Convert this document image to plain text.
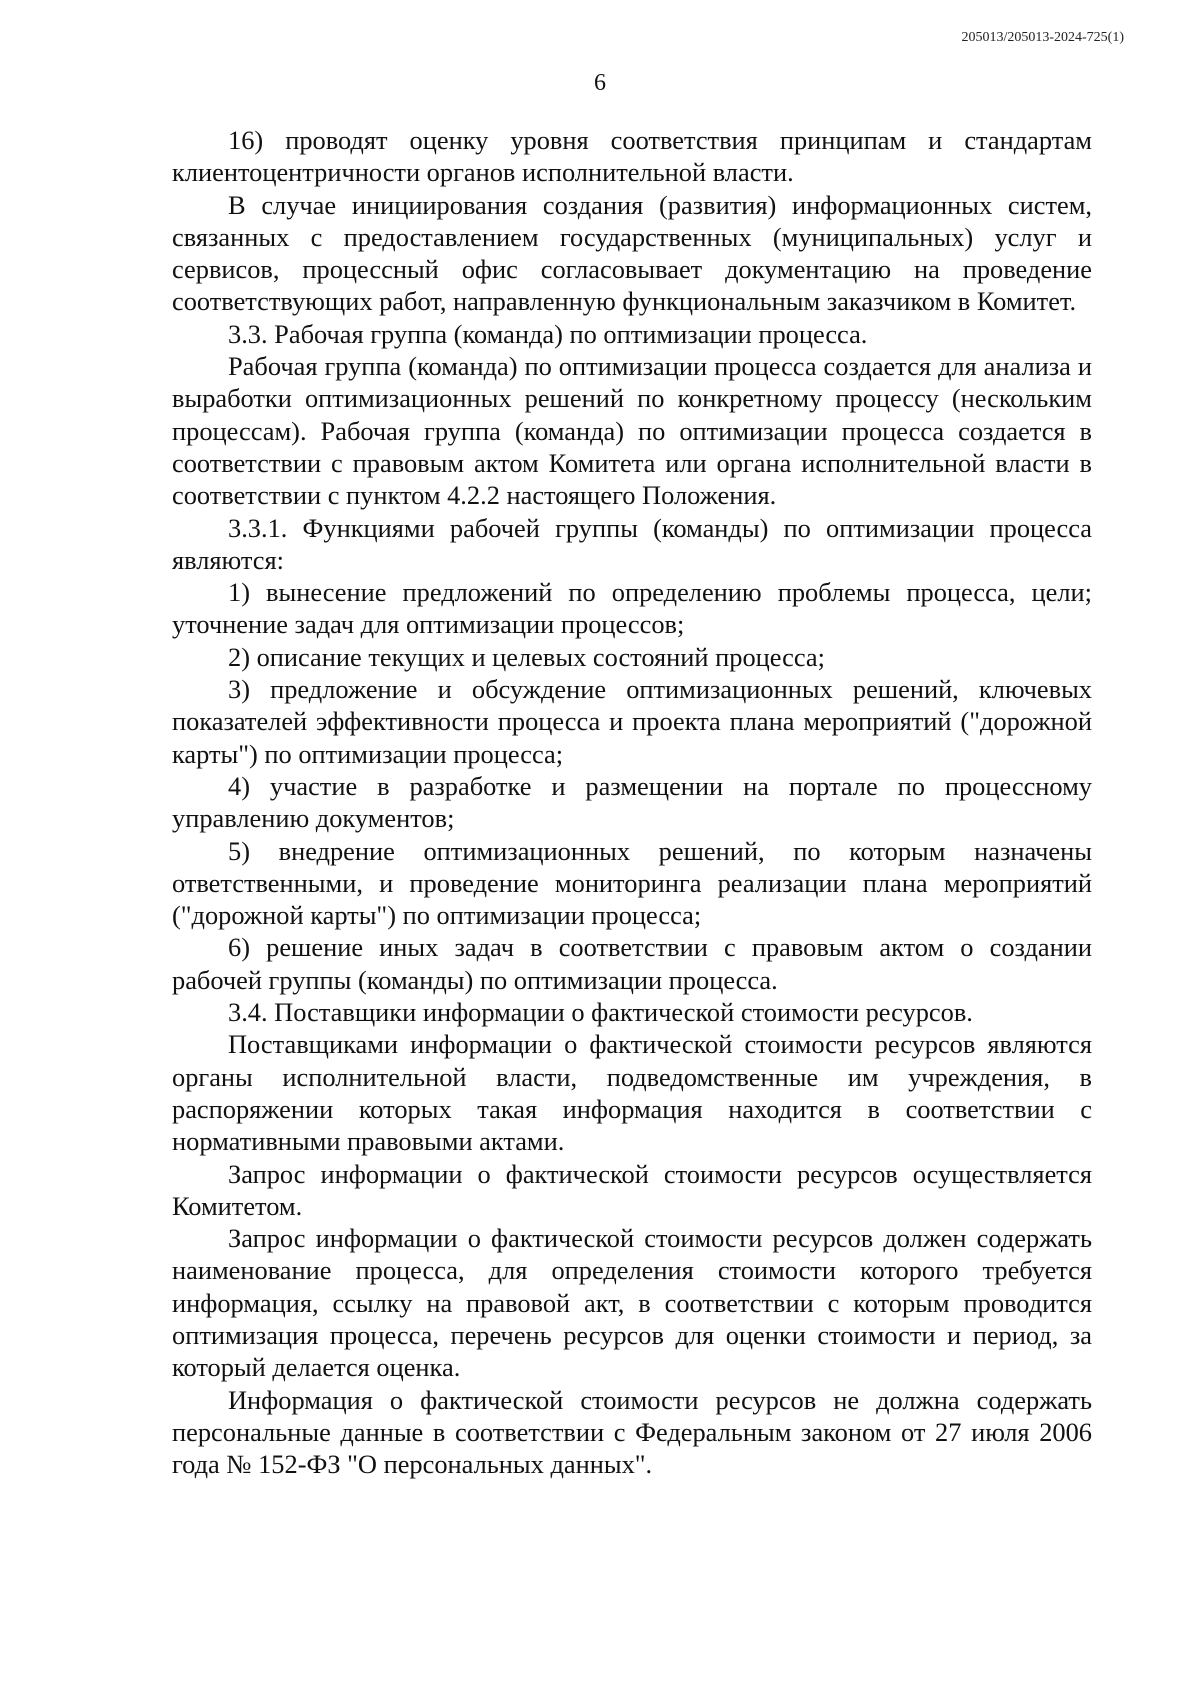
205013/205013-2024-725(1)
6

16) проводят оценку уровня соответствия принципам и стандартам клиентоцентричности органов исполнительной власти.

В случае инициирования создания (развития) информационных систем, связанных с предоставлением государственных (муниципальных) услуг и сервисов, процессный офис согласовывает документацию на проведение соответствующих работ, направленную функциональным заказчиком в Комитет.

3.3. Рабочая группа (команда) по оптимизации процесса.

Рабочая группа (команда) по оптимизации процесса создается для анализа и выработки оптимизационных решений по конкретному процессу (нескольким процессам). Рабочая группа (команда) по оптимизации процесса создается в соответствии с правовым актом Комитета или органа исполнительной власти в соответствии с пунктом 4.2.2 настоящего Положения.

3.3.1. Функциями рабочей группы (команды) по оптимизации процесса являются:

1) вынесение предложений по определению проблемы процесса, цели; уточнение задач для оптимизации процессов;

2) описание текущих и целевых состояний процесса;

3) предложение и обсуждение оптимизационных решений, ключевых показателей эффективности процесса и проекта плана мероприятий ("дорожной карты") по оптимизации процесса;

4) участие в разработке и размещении на портале по процессному управлению документов;

5) внедрение оптимизационных решений, по которым назначены ответственными, и проведение мониторинга реализации плана мероприятий ("дорожной карты") по оптимизации процесса;

6) решение иных задач в соответствии с правовым актом о создании рабочей группы (команды) по оптимизации процесса.

3.4. Поставщики информации о фактической стоимости ресурсов.

Поставщиками информации о фактической стоимости ресурсов являются органы исполнительной власти, подведомственные им учреждения, в распоряжении которых такая информация находится в соответствии с нормативными правовыми актами.

Запрос информации о фактической стоимости ресурсов осуществляется Комитетом.

Запрос информации о фактической стоимости ресурсов должен содержать наименование процесса, для определения стоимости которого требуется информация, ссылку на правовой акт, в соответствии с которым проводится оптимизация процесса, перечень ресурсов для оценки стоимости и период, за который делается оценка.

Информация о фактической стоимости ресурсов не должна содержать персональные данные в соответствии с Федеральным законом от 27 июля 2006 года № 152-ФЗ "О персональных данных".
